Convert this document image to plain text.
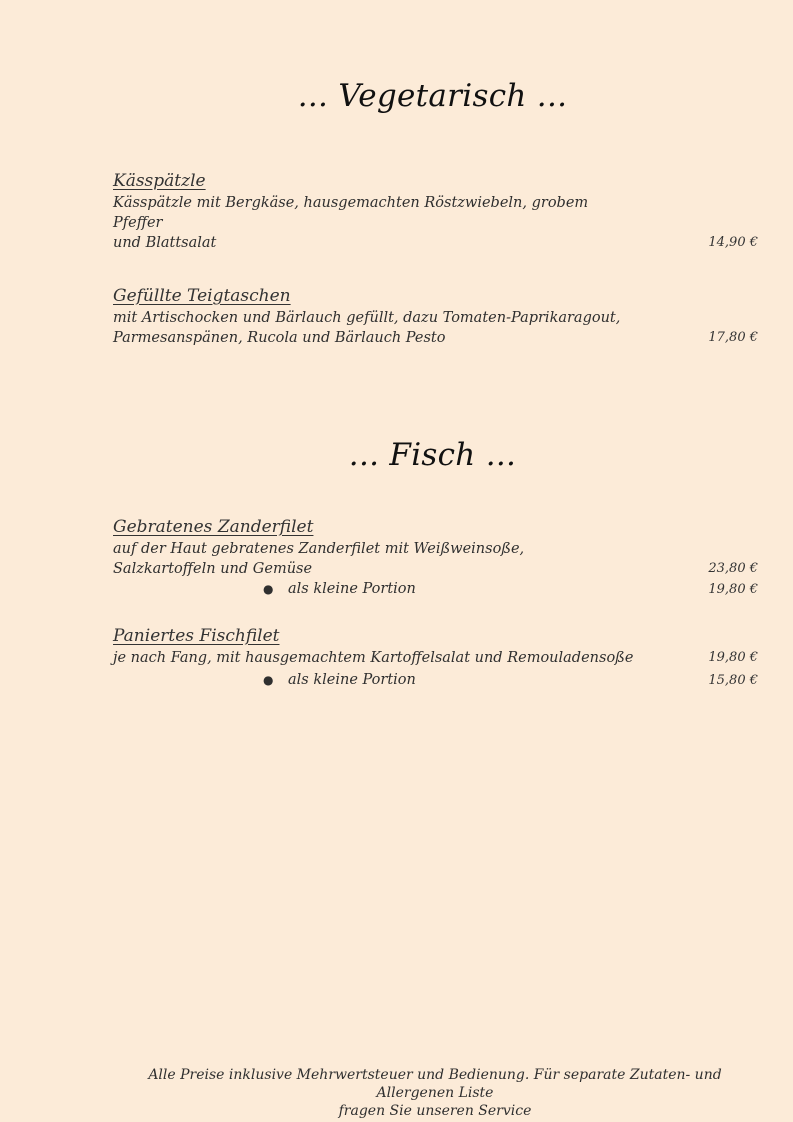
... Vegetarisch ...
Kässpätzle
Kässpätzle mit Bergkäse, hausgemachten Röstzwiebeln, grobem Pfeffer
und Blattsalat	14,90 €
Gefüllte Teigtaschen
mit Artischocken und Bärlauch gefüllt, dazu Tomaten-Paprikaragout,
Parmesanspänen, Rucola und Bärlauch Pesto	17,80 €
... Fisch ...
Gebratenes Zanderfilet
auf der Haut gebratenes Zanderfilet mit Weißweinsoße,
Salzkartoffeln und Gemüse	23,80 €
● als kleine Portion	19,80 €
Paniertes Fischfilet
je nach Fang, mit hausgemachtem Kartoffelsalat und Remouladensoße	19,80 €
● als kleine Portion	15,80 €
Alle Preise inklusive Mehrwertsteuer und Bedienung. Für separate Zutaten- und Allergenen Liste
fragen Sie unseren Service
